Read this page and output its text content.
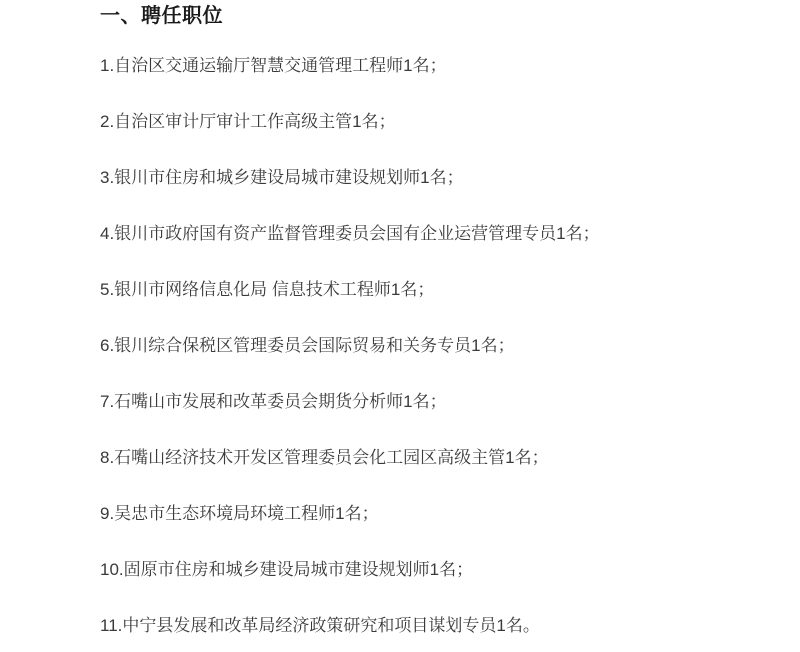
一、聘任职位

1.自治区交通运输厅智慧交通管理工程师1名；

2.自治区审计厅审计工作高级主管1名；

3.银川市住房和城乡建设局城市建设规划师1名；

4.银川市政府国有资产监督管理委员会国有企业运营管理专员1名；

5.银川市网络信息化局 信息技术工程师1名；

6.银川综合保税区管理委员会国际贸易和关务专员1名；

7.石嘴山市发展和改革委员会期货分析师1名；

8.石嘴山经济技术开发区管理委员会化工园区高级主管1名；

9.吴忠市生态环境局环境工程师1名；

10.固原市住房和城乡建设局城市建设规划师1名；

11.中宁县发展和改革局经济政策研究和项目谋划专员1名。
